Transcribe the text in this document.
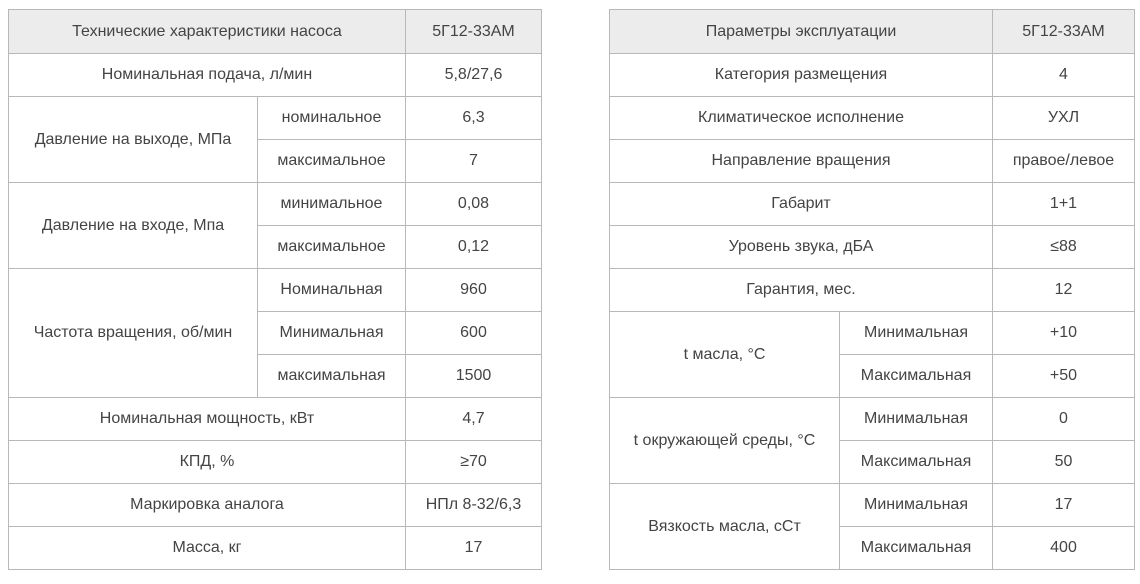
Технические характеристики насоса		5Г12-33АМ
Номинальная подача, л/мин		5,8/27,6
Давление на выходе, МПа	номинальное	6,3
	максимальное	7
Давление на входе, Мпа	минимальное	0,08
	максимальное	0,12
Частота вращения, об/мин	Номинальная	960
	Минимальная	600
	максимальная	1500
Номинальная мощность, кВт		4,7
КПД, %		≥70
Маркировка аналога		НПл 8-32/6,3
Масса, кг		17
Параметры эксплуатации		5Г12-33АМ
Категория размещения		4
Климатическое исполнение		УХЛ
Направление вращения		правое/левое
Габарит		1+1
Уровень звука, дБА		≤88
Гарантия, мес.		12
t масла, °C	Минимальная	+10
	Максимальная	+50
t окружающей среды, °C	Минимальная	0
	Максимальная	50
Вязкость масла, сСт	Минимальная	17
	Максимальная	400
